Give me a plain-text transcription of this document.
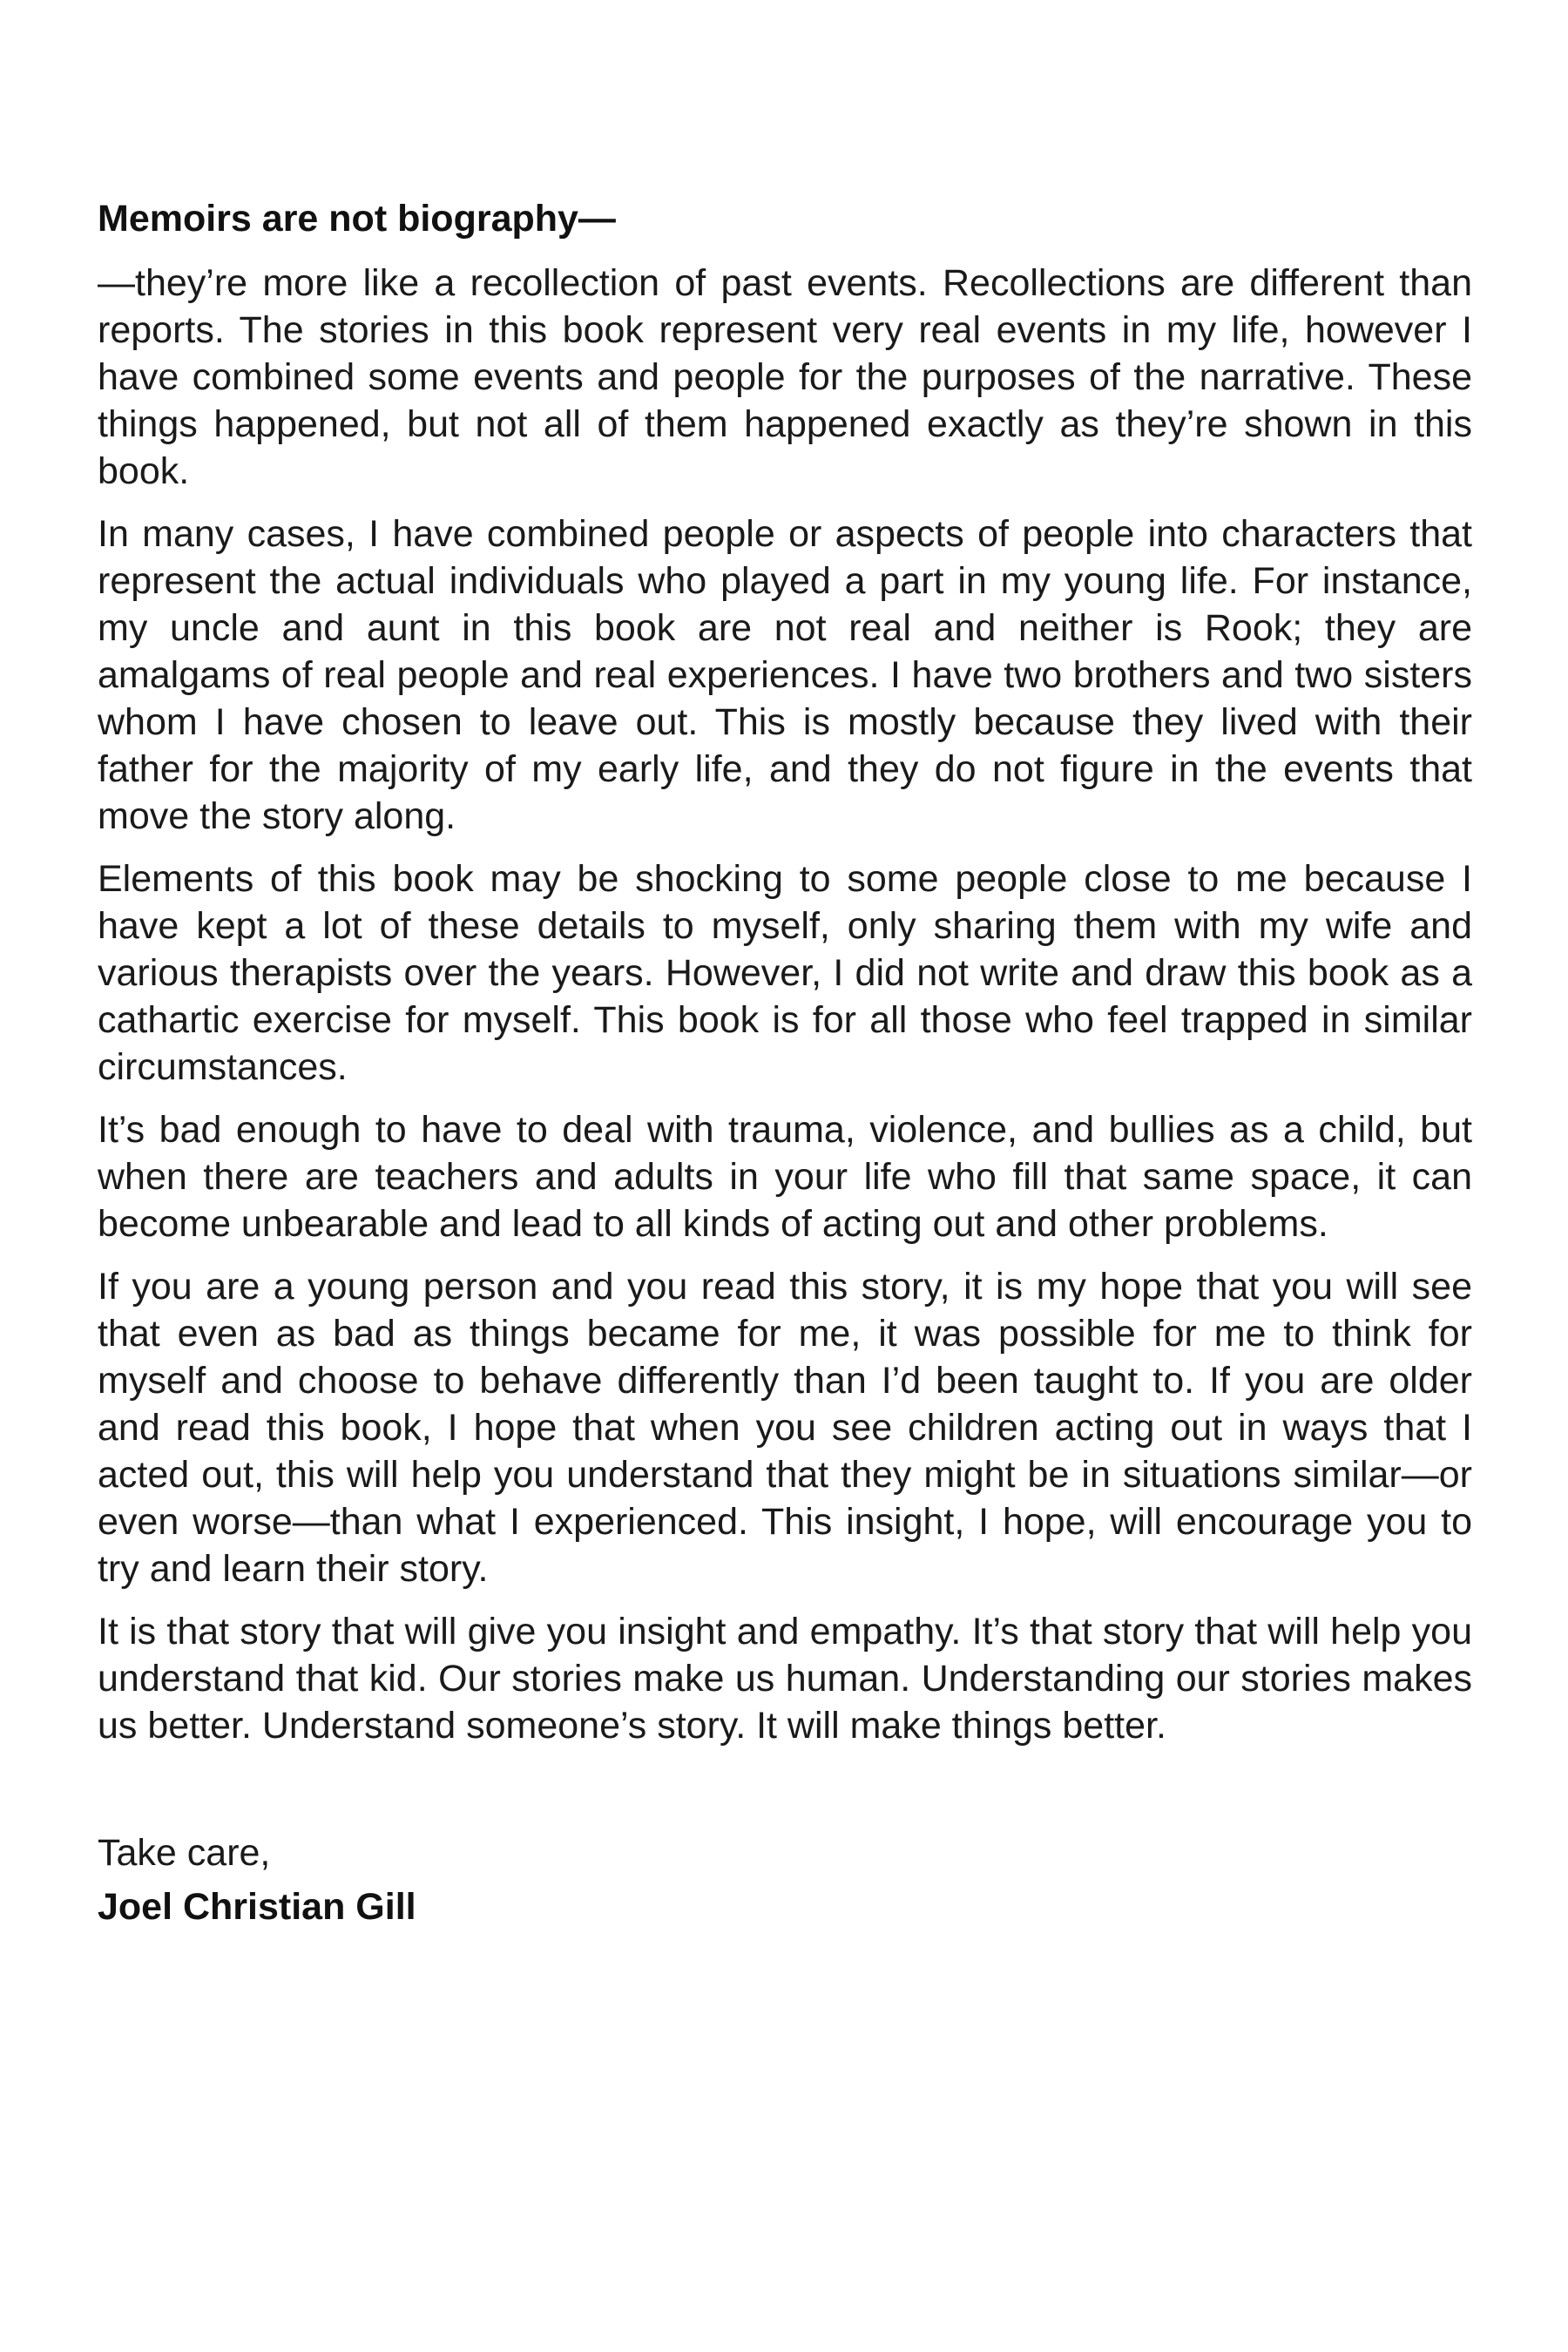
Memoirs are not biography—

—they’re more like a recollection of past events. Recollections are different than reports. The stories in this book represent very real events in my life, however I have combined some events and people for the purposes of the narrative. These things happened, but not all of them happened exactly as they’re shown in this book.

In many cases, I have combined people or aspects of people into characters that represent the actual individuals who played a part in my young life. For instance, my uncle and aunt in this book are not real and neither is Rook; they are amalgams of real people and real experiences. I have two brothers and two sisters whom I have chosen to leave out. This is mostly because they lived with their father for the majority of my early life, and they do not figure in the events that move the story along.

Elements of this book may be shocking to some people close to me because I have kept a lot of these details to myself, only sharing them with my wife and various therapists over the years. However, I did not write and draw this book as a cathartic exercise for myself. This book is for all those who feel trapped in similar circumstances.

It’s bad enough to have to deal with trauma, violence, and bullies as a child, but when there are teachers and adults in your life who fill that same space, it can become unbearable and lead to all kinds of acting out and other problems.

If you are a young person and you read this story, it is my hope that you will see that even as bad as things became for me, it was possible for me to think for myself and choose to behave differently than I’d been taught to. If you are older and read this book, I hope that when you see children acting out in ways that I acted out, this will help you understand that they might be in situations similar—or even worse—than what I experienced. This insight, I hope, will encourage you to try and learn their story.

It is that story that will give you insight and empathy. It’s that story that will help you understand that kid. Our stories make us human. Understanding our stories makes us better. Understand someone’s story. It will make things better.

Take care,
Joel Christian Gill
